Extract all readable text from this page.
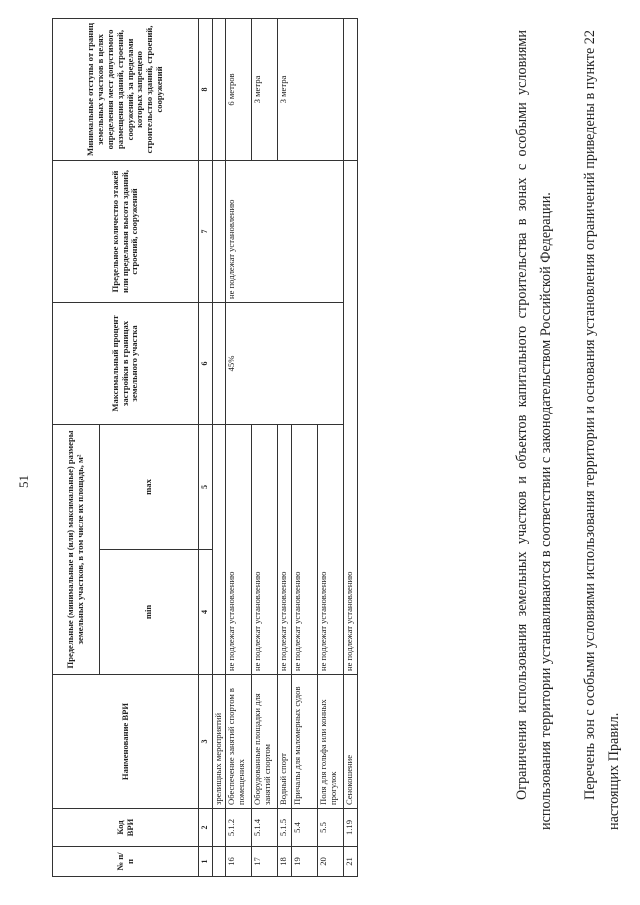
51
№ п/п	Код ВРИ	Наименование ВРИ	Предельные (минимальные и (или) максимальные) размеры земельных участков, в том числе их площадь, м²		Максимальный процент застройки в границах земельного участка	Предельное количество этажей или предельная высота зданий, строений, сооружений	Минимальные отступы от границ земельных участков в целях определения мест допустимого размещения зданий, строений, сооружений, за пределами которых запрещено строительство зданий, строений, сооружений
			min	max			
1	2	3	4	5	6	7	8
		зрелищных мероприятий					
16	5.1.2	Обеспечение занятий спортом в помещениях	не подлежат установлению		45%	не подлежат установлению	6 метров
17	5.1.4	Оборудованные площадки для занятий спортом	не подлежат установлению				3 метра
18	5.1.5	Водный спорт	не подлежат установлению				3 метра
19	5.4	Причалы для маломерных судов	не подлежат установлению				
20	5.5	Поля для гольфа или конных прогулок	не подлежат установлению				
21	1.19	Сенокошение	не подлежат установлению					Ограничения использования земельных участков и объектов капитального строительства в зонах с особыми условиями использования территории устанавливаются в соответствии с законодательством Российской Федерации. Перечень зон с особыми условиями использования территории и основания установления ограничений приведены в пункте 22 настоящих Правил.
